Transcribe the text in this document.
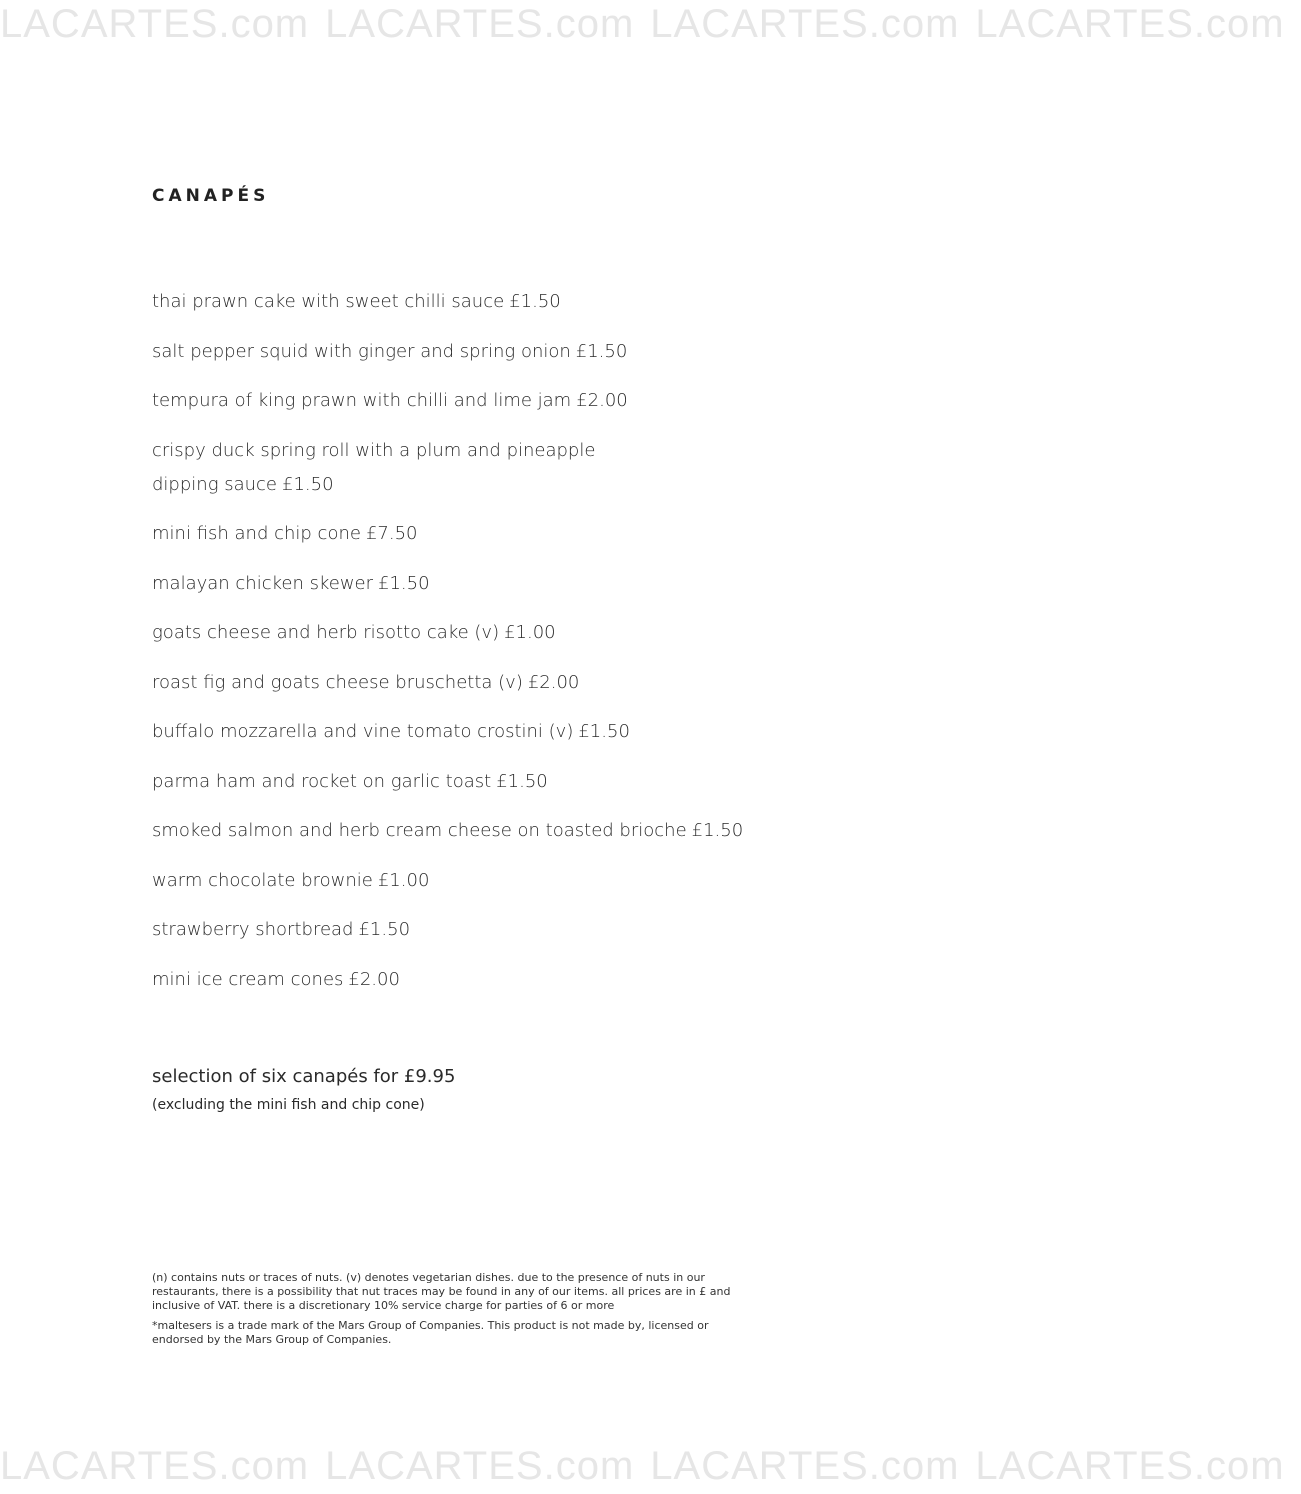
LACARTES.com LACARTES.com LACARTES.com LACARTES.com
CANAPÉS
thai prawn cake with sweet chilli sauce £1.50
salt pepper squid with ginger and spring onion £1.50
tempura of king prawn with chilli and lime jam £2.00
crispy duck spring roll with a plum and pineapple dipping sauce £1.50
mini fish and chip cone £7.50
malayan chicken skewer £1.50
goats cheese and herb risotto cake (v) £1.00
roast fig and goats cheese bruschetta (v) £2.00
buffalo mozzarella and vine tomato crostini (v) £1.50
parma ham and rocket on garlic toast £1.50
smoked salmon and herb cream cheese on toasted brioche £1.50
warm chocolate brownie £1.00
strawberry shortbread £1.50
mini ice cream cones £2.00
selection of six canapés for £9.95
(excluding the mini fish and chip cone)

(n) contains nuts or traces of nuts. (v) denotes vegetarian dishes. due to the presence of nuts in our restaurants, there is a possibility that nut traces may be found in any of our items. all prices are in £ and inclusive of VAT. there is a discretionary 10% service charge for parties of 6 or more

*maltesers is a trade mark of the Mars Group of Companies. This product is not made by, licensed or endorsed by the Mars Group of Companies.

LACARTES.com LACARTES.com LACARTES.com LACARTES.com
